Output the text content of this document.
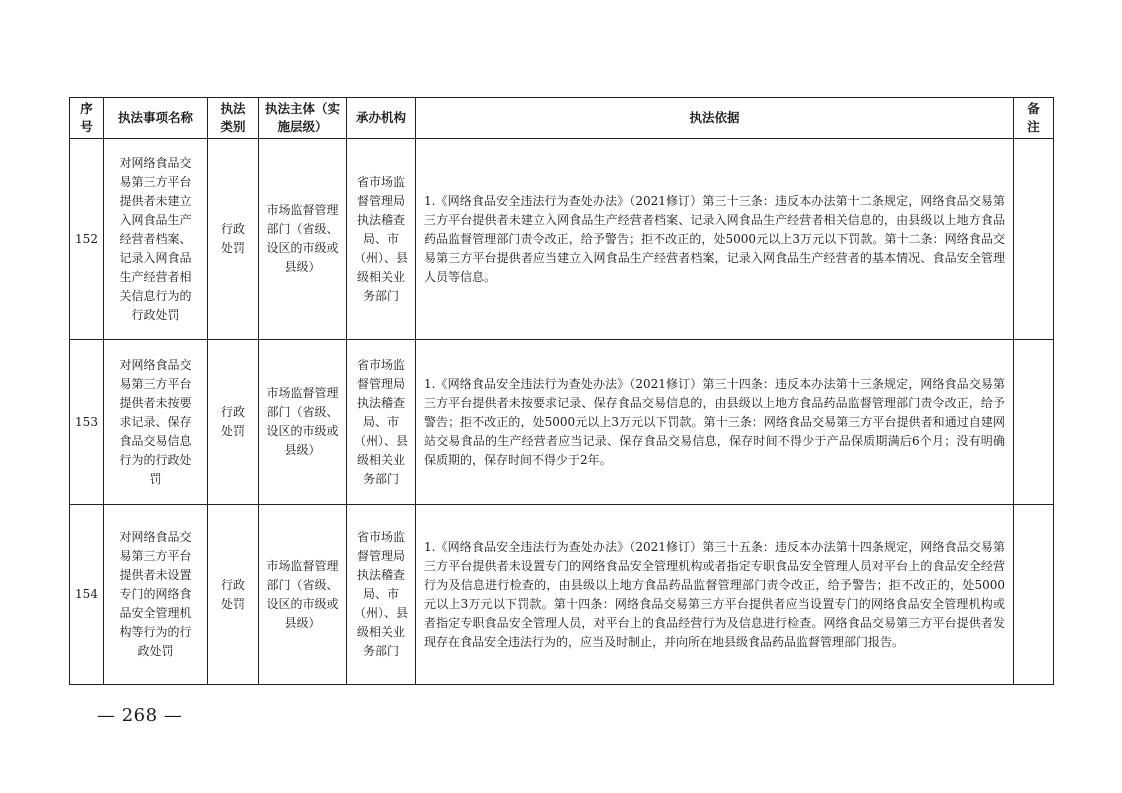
序号	执法事项名称	执法类别	执法主体（实施层级）	承办机构	执法依据	备注
152	对网络食品交易第三方平台提供者未建立入网食品生产经营者档案、记录入网食品生产经营者相关信息行为的行政处罚	行政处罚	市场监督管理部门（省级、设区的市级或县级）	省市场监督管理局执法稽查局、市（州）、县级相关业务部门	1.《网络食品安全违法行为查处办法》（2021修订）第三十三条：违反本办法第十二条规定，网络食品交易第三方平台提供者未建立入网食品生产经营者档案、记录入网食品生产经营者相关信息的，由县级以上地方食品药品监督管理部门责令改正，给予警告；拒不改正的，处5000元以上3万元以下罚款。第十二条：网络食品交易第三方平台提供者应当建立入网食品生产经营者档案，记录入网食品生产经营者的基本情况、食品安全管理人员等信息。	
153	对网络食品交易第三方平台提供者未按要求记录、保存食品交易信息行为的行政处罚	行政处罚	市场监督管理部门（省级、设区的市级或县级）	省市场监督管理局执法稽查局、市（州）、县级相关业务部门	1.《网络食品安全违法行为查处办法》（2021修订）第三十四条：违反本办法第十三条规定，网络食品交易第三方平台提供者未按要求记录、保存食品交易信息的，由县级以上地方食品药品监督管理部门责令改正，给予警告；拒不改正的，处5000元以上3万元以下罚款。第十三条：网络食品交易第三方平台提供者和通过自建网站交易食品的生产经营者应当记录、保存食品交易信息，保存时间不得少于产品保质期满后6个月；没有明确保质期的，保存时间不得少于2年。	
154	对网络食品交易第三方平台提供者未设置专门的网络食品安全管理机构等行为的行政处罚	行政处罚	市场监督管理部门（省级、设区的市级或县级）	省市场监督管理局执法稽查局、市（州）、县级相关业务部门	1.《网络食品安全违法行为查处办法》（2021修订）第三十五条：违反本办法第十四条规定，网络食品交易第三方平台提供者未设置专门的网络食品安全管理机构或者指定专职食品安全管理人员对平台上的食品安全经营行为及信息进行检查的，由县级以上地方食品药品监督管理部门责令改正，给予警告；拒不改正的，处5000元以上3万元以下罚款。第十四条：网络食品交易第三方平台提供者应当设置专门的网络食品安全管理机构或者指定专职食品安全管理人员，对平台上的食品经营行为及信息进行检查。网络食品交易第三方平台提供者发现存在食品安全违法行为的，应当及时制止，并向所在地县级食品药品监督管理部门报告。	
— 268 —
